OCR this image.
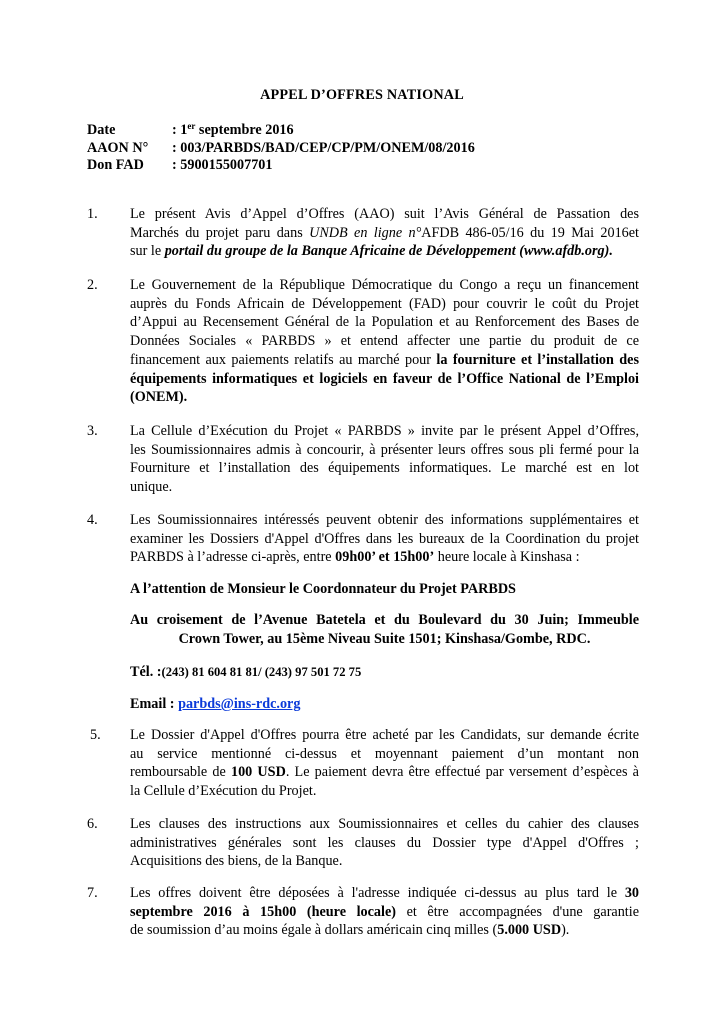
APPEL D’OFFRES NATIONAL
Date	: 1er septembre 2016
AAON N° : 003/PARBDS/BAD/CEP/CP/PM/ONEM/08/2016
Don FAD : 5900155007701
1. Le présent Avis d’Appel d’Offres (AAO) suit l’Avis Général de Passation des
Marchés du projet paru dans UNDB en ligne n°AFDB 486-05/16 du 19 Mai 2016et
sur le portail du groupe de la Banque Africaine de Développement (www.afdb.org).
2. Le Gouvernement de la République Démocratique du Congo a reçu un financement
auprès du Fonds Africain de Développement (FAD) pour couvrir le coût du Projet
d’Appui au Recensement Général de la Population et au Renforcement des Bases de
Données Sociales « PARBDS » et entend affecter une partie du produit de ce
financement aux paiements relatifs au marché pour la fourniture et l’installation des
équipements informatiques et logiciels en faveur de l’Office National de l’Emploi
(ONEM).
3. La Cellule d’Exécution du Projet « PARBDS » invite par le présent Appel d’Offres,
les Soumissionnaires admis à concourir, à présenter leurs offres sous pli fermé pour la
Fourniture et l’installation des équipements informatiques. Le marché est en lot
unique.
4. Les Soumissionnaires intéressés peuvent obtenir des informations supplémentaires et
examiner les Dossiers d'Appel d'Offres dans les bureaux de la Coordination du projet
PARBDS à l’adresse ci-après, entre 09h00’ et 15h00’ heure locale à Kinshasa :
A l’attention de Monsieur le Coordonnateur du Projet PARBDS
Au croisement de l’Avenue Batetela et du Boulevard du 30 Juin; Immeuble
Crown Tower, au 15ème Niveau Suite 1501; Kinshasa/Gombe, RDC.
Tél. :(243) 81 604 81 81/ (243) 97 501 72 75
Email : parbds@ins-rdc.org
5. Le Dossier d'Appel d'Offres pourra être acheté par les Candidats, sur demande écrite
au service mentionné ci-dessus et moyennant paiement d’un montant non
remboursable de 100 USD. Le paiement devra être effectué par versement d’espèces à
la Cellule d’Exécution du Projet.
6. Les clauses des instructions aux Soumissionnaires et celles du cahier des clauses
administratives générales sont les clauses du Dossier type d'Appel d'Offres ;
Acquisitions des biens, de la Banque.
7. Les offres doivent être déposées à l'adresse indiquée ci-dessus au plus tard le 30
septembre 2016 à 15h00 (heure locale) et être accompagnées d'une garantie
de soumission d’au moins égale à dollars américain cinq milles (5.000 USD).
